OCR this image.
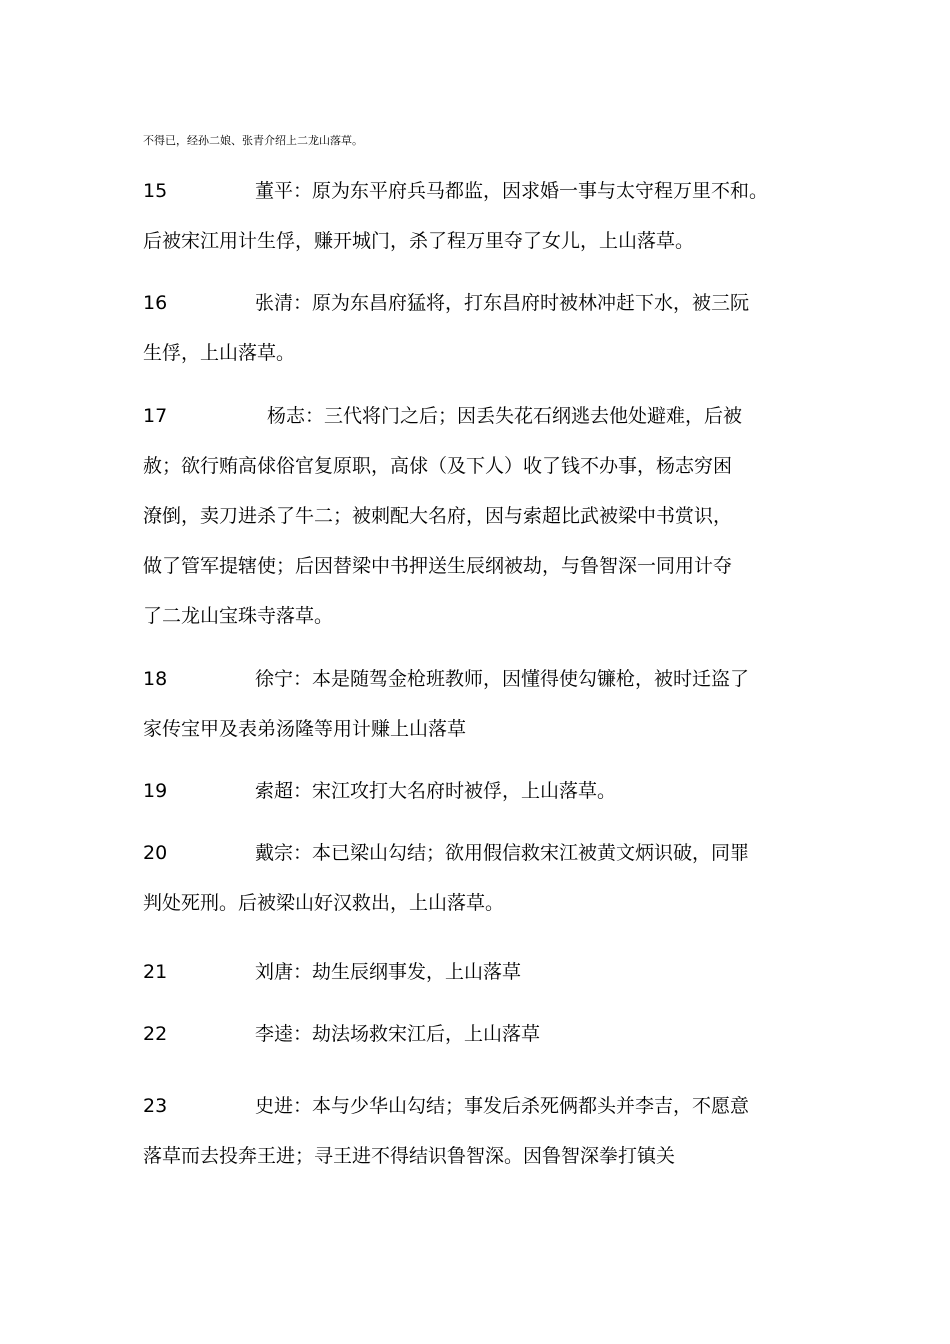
不得已，经孙二娘、张青介绍上二龙山落草。
15	董平：原为东平府兵马都监，因求婚一事与太守程万里不和。
后被宋江用计生俘，赚开城门，杀了程万里夺了女儿，上山落草。
16	张清：原为东昌府猛将，打东昌府时被林冲赶下水，被三阮
生俘，上山落草。
17	杨志：三代将门之后；因丢失花石纲逃去他处避难，后被
赦；欲行贿高俅俗官复原职，高俅（及下人）收了钱不办事，杨志穷困
潦倒，卖刀进杀了牛二；被刺配大名府，因与索超比武被梁中书赏识，
做了管军提辖使；后因替梁中书押送生辰纲被劫，与鲁智深一同用计夺
了二龙山宝珠寺落草。
18	徐宁：本是随驾金枪班教师，因懂得使勾镰枪，被时迁盗了
家传宝甲及表弟汤隆等用计赚上山落草
19	索超：宋江攻打大名府时被俘，上山落草。
20	戴宗：本已梁山勾结；欲用假信救宋江被黄文炳识破，同罪
判处死刑。后被梁山好汉救出，上山落草。
21	刘唐：劫生辰纲事发，上山落草
22	李逵：劫法场救宋江后，上山落草
23	史进：本与少华山勾结；事发后杀死俩都头并李吉，不愿意
落草而去投奔王进；寻王进不得结识鲁智深。因鲁智深拳打镇关
